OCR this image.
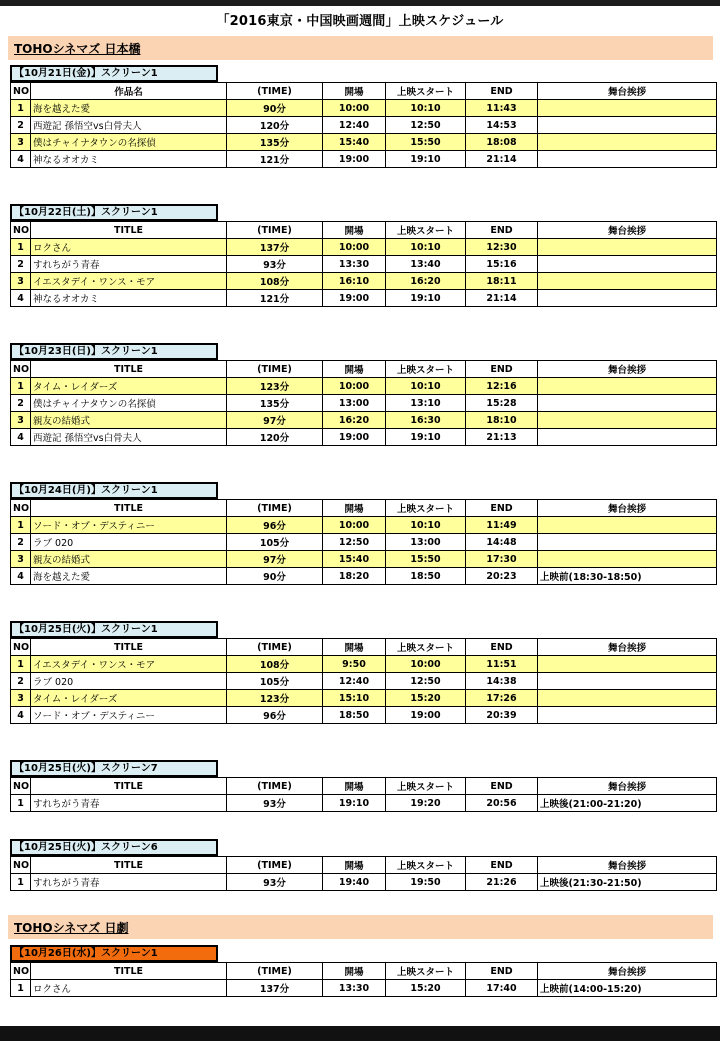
「2016東京・中国映画週間」上映スケジュール
TOHOシネマズ 日本橋
【10月21日(金)】スクリーン1
NO	作品名	(TIME)	開場	上映スタート	END	舞台挨拶
1	海を越えた愛	90分	10:00	10:10	11:43	
2	西遊記 孫悟空vs白骨夫人	120分	12:40	12:50	14:53	
3	僕はチャイナタウンの名探偵	135分	15:40	15:50	18:08	
4	神なるオオカミ	121分	19:00	19:10	21:14	
【10月22日(土)】スクリーン1
NO	TITLE	(TIME)	開場	上映スタート	END	舞台挨拶
1	ロクさん	137分	10:00	10:10	12:30	
2	すれちがう青春	93分	13:30	13:40	15:16	
3	イエスタデイ・ワンス・モア	108分	16:10	16:20	18:11	
4	神なるオオカミ	121分	19:00	19:10	21:14	
【10月23日(日)】スクリーン1
NO	TITLE	(TIME)	開場	上映スタート	END	舞台挨拶
1	タイム・レイダーズ	123分	10:00	10:10	12:16	
2	僕はチャイナタウンの名探偵	135分	13:00	13:10	15:28	
3	親友の結婚式	97分	16:20	16:30	18:10	
4	西遊記 孫悟空vs白骨夫人	120分	19:00	19:10	21:13	
【10月24日(月)】スクリーン1
NO	TITLE	(TIME)	開場	上映スタート	END	舞台挨拶
1	ソード・オブ・デスティニー	96分	10:00	10:10	11:49	
2	ラブ 020	105分	12:50	13:00	14:48	
3	親友の結婚式	97分	15:40	15:50	17:30	
4	海を越えた愛	90分	18:20	18:50	20:23	上映前(18:30-18:50)
【10月25日(火)】スクリーン1
NO	TITLE	(TIME)	開場	上映スタート	END	舞台挨拶
1	イエスタデイ・ワンス・モア	108分	9:50	10:00	11:51	
2	ラブ 020	105分	12:40	12:50	14:38	
3	タイム・レイダーズ	123分	15:10	15:20	17:26	
4	ソード・オブ・デスティニー	96分	18:50	19:00	20:39	
【10月25日(火)】スクリーン7
NO	TITLE	(TIME)	開場	上映スタート	END	舞台挨拶
1	すれちがう青春	93分	19:10	19:20	20:56	上映後(21:00-21:20)
【10月25日(火)】スクリーン6
NO	TITLE	(TIME)	開場	上映スタート	END	舞台挨拶
1	すれちがう青春	93分	19:40	19:50	21:26	上映後(21:30-21:50)
TOHOシネマズ 日劇
【10月26日(水)】スクリーン1
NO	TITLE	(TIME)	開場	上映スタート	END	舞台挨拶
1	ロクさん	137分	13:30	15:20	17:40	上映前(14:00-15:20)
